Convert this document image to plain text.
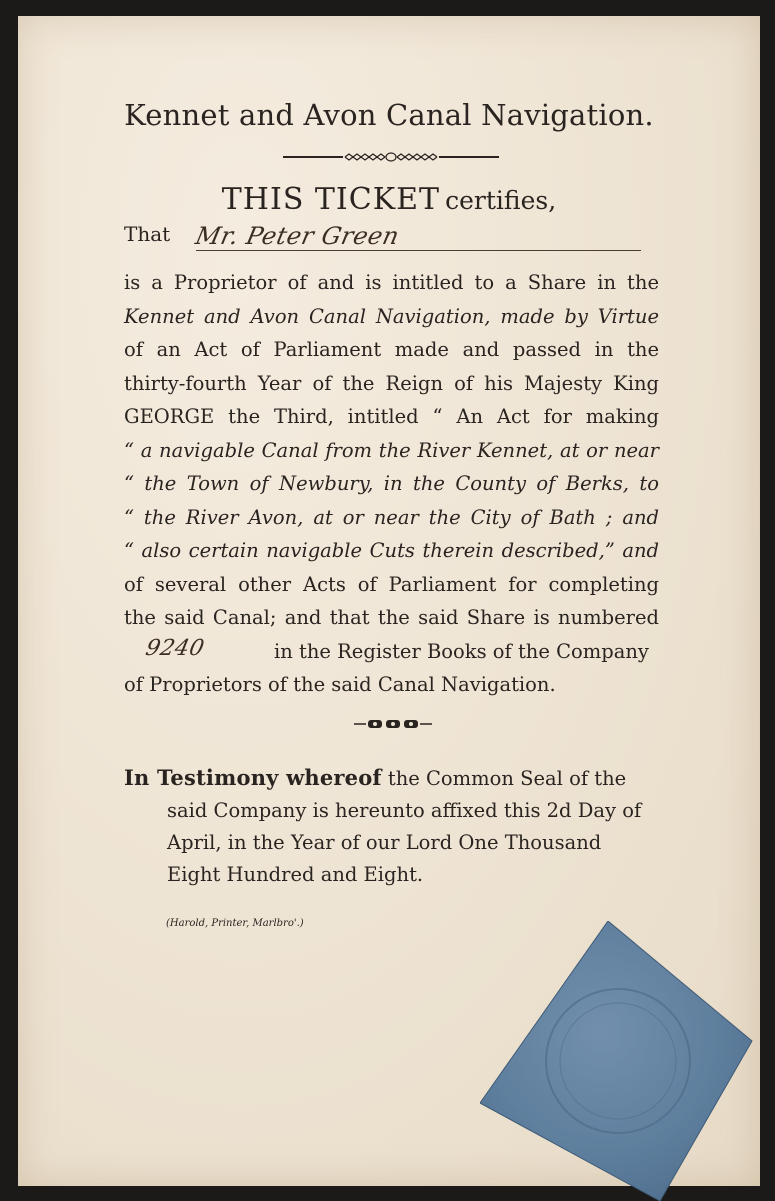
Kennet and Avon Canal Navigation.
THIS TICKET certifies,
That Mr. Peter Green
is a Proprietor of and is intitled to a Share in the
Kennet and Avon Canal Navigation, made by Virtue
of an Act of Parliament made and passed in the
thirty-fourth Year of the Reign of his Majesty King
GEORGE the Third, intitled “ An Act for making
“ a navigable Canal from the River Kennet, at or near
“ the Town of Newbury, in the County of Berks, to
“ the River Avon, at or near the City of Bath ; and
“ also certain navigable Cuts therein described,” and
of several other Acts of Parliament for completing
the said Canal; and that the said Share is numbered
in the Register Books of the Company
of Proprietors of the said Canal Navigation.
9240
In Testimony whereof the Common Seal of the
said Company is hereunto affixed this 2d Day of
April, in the Year of our Lord One Thousand
Eight Hundred and Eight.
(Harold, Printer, Marlbro'.)
